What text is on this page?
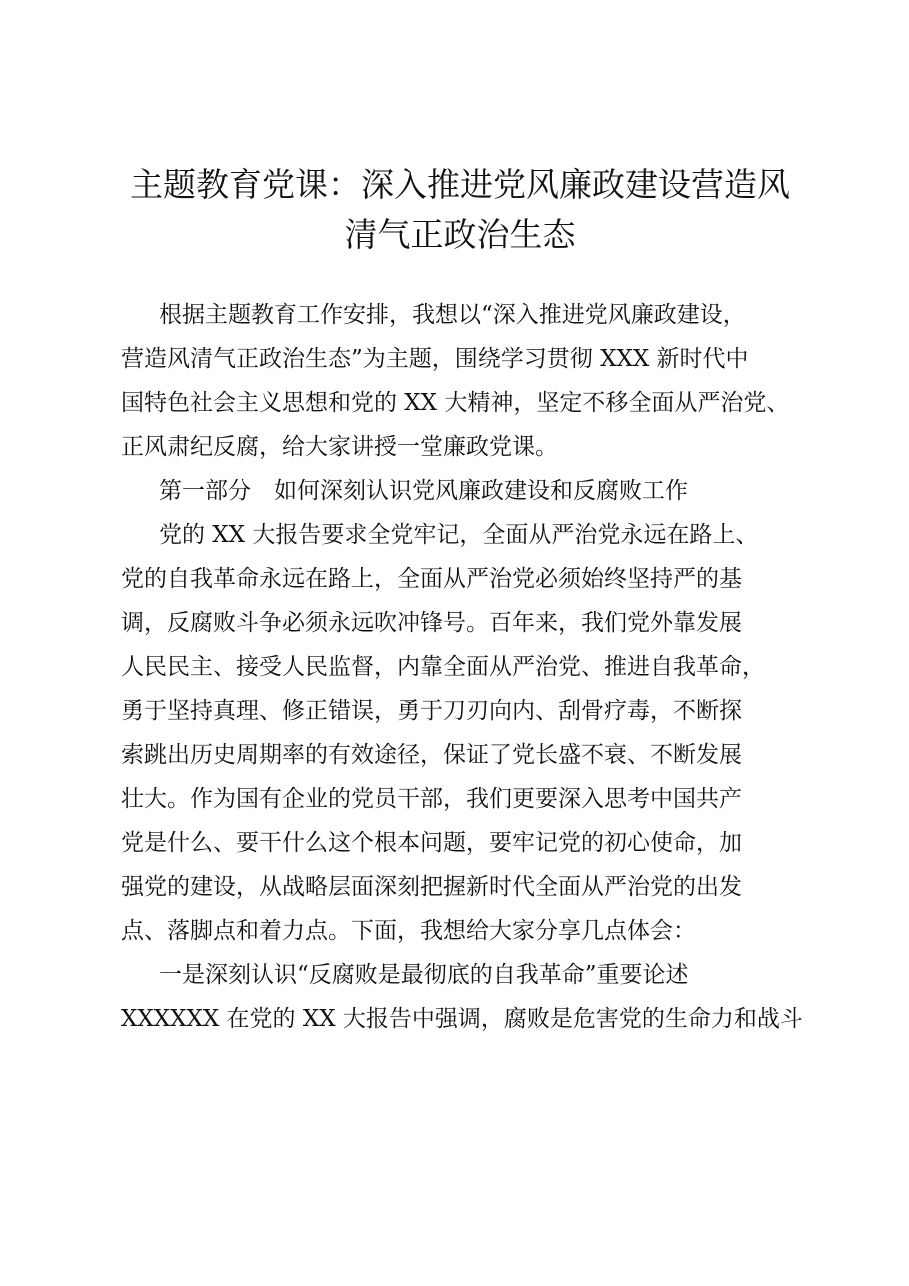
主题教育党课：深入推进党风廉政建设营造风
清气正政治生态

根据主题教育工作安排，我想以“深入推进党风廉政建设，
营造风清气正政治生态”为主题，围绕学习贯彻 XXX 新时代中
国特色社会主义思想和党的 XX 大精神，坚定不移全面从严治党、
正风肃纪反腐，给大家讲授一堂廉政党课。

第一部分　如何深刻认识党风廉政建设和反腐败工作

党的 XX 大报告要求全党牢记，全面从严治党永远在路上、
党的自我革命永远在路上，全面从严治党必须始终坚持严的基
调，反腐败斗争必须永远吹冲锋号。百年来，我们党外靠发展
人民民主、接受人民监督，内靠全面从严治党、推进自我革命，
勇于坚持真理、修正错误，勇于刀刃向内、刮骨疗毒，不断探
索跳出历史周期率的有效途径，保证了党长盛不衰、不断发展
壮大。作为国有企业的党员干部，我们更要深入思考中国共产
党是什么、要干什么这个根本问题，要牢记党的初心使命，加
强党的建设，从战略层面深刻把握新时代全面从严治党的出发
点、落脚点和着力点。下面，我想给大家分享几点体会：

一是深刻认识“反腐败是最彻底的自我革命”重要论述
XXXXXX 在党的 XX 大报告中强调，腐败是危害党的生命力和战斗
